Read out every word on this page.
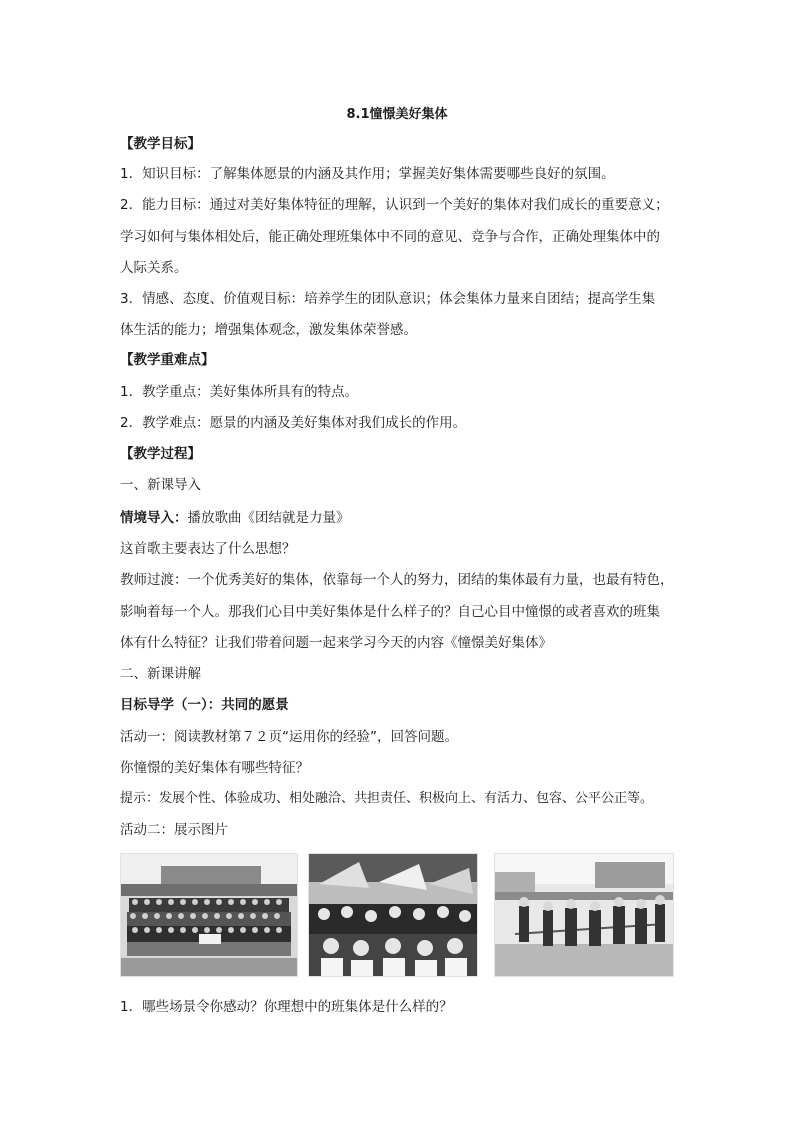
8.1憧憬美好集体
【教学目标】
1．知识目标：了解集体愿景的内涵及其作用；掌握美好集体需要哪些良好的氛围。
2．能力目标：通过对美好集体特征的理解，认识到一个美好的集体对我们成长的重要意义；
学习如何与集体相处后，能正确处理班集体中不同的意见、竞争与合作，正确处理集体中的
人际关系。
3．情感、态度、价值观目标：培养学生的团队意识；体会集体力量来自团结；提高学生集
体生活的能力；增强集体观念，激发集体荣誉感。
【教学重难点】
1．教学重点：美好集体所具有的特点。
2．教学难点：愿景的内涵及美好集体对我们成长的作用。
【教学过程】
一、新课导入
情境导入：播放歌曲《团结就是力量》
这首歌主要表达了什么思想？
教师过渡：一个优秀美好的集体，依靠每一个人的努力，团结的集体最有力量，也最有特色，
影响着每一个人。那我们心目中美好集体是什么样子的？自己心目中憧憬的或者喜欢的班集
体有什么特征？让我们带着问题一起来学习今天的内容《憧憬美好集体》
二、新课讲解
目标导学（一）：共同的愿景
活动一：阅读教材第７２页“运用你的经验”，回答问题。
你憧憬的美好集体有哪些特征？
提示：发展个性、体验成功、相处融洽、共担责任、积极向上、有活力、包容、公平公正等。
活动二：展示图片
1．哪些场景令你感动？你理想中的班集体是什么样的？
